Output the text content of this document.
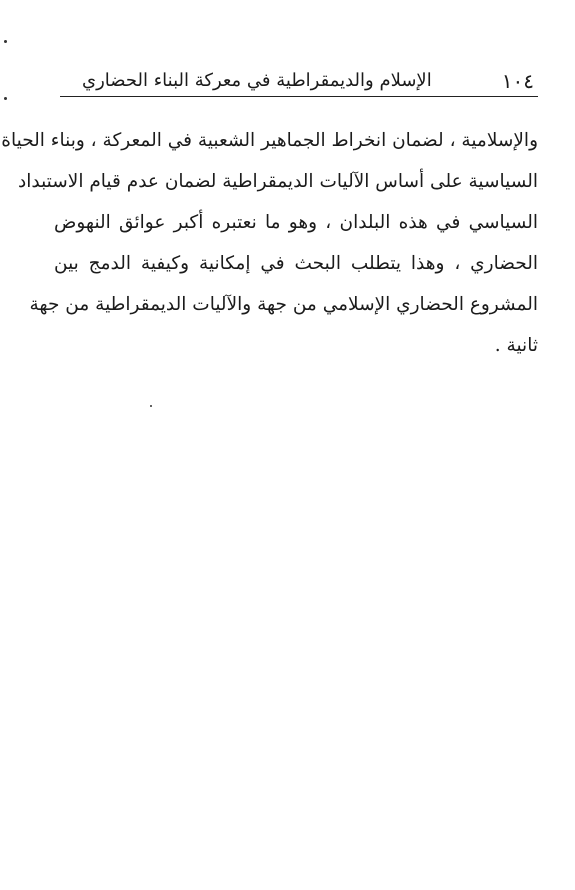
١٠٤
الإسلام والديمقراطية في معركة البناء الحضاري
والإسلامية ، لضمان انخراط الجماهير الشعبية في المعركة ، وبناء الحياة
السياسية على أساس الآليات الديمقراطية لضمان عدم قيام الاستبداد
السياسي في هذه البلدان ، وهو ما نعتبره أكبر عوائق النهوض
الحضاري ، وهذا يتطلب البحث في إمكانية وكيفية الدمج بين
المشروع الحضاري الإسلامي من جهة والآليات الديمقراطية من جهة
ثانية .
